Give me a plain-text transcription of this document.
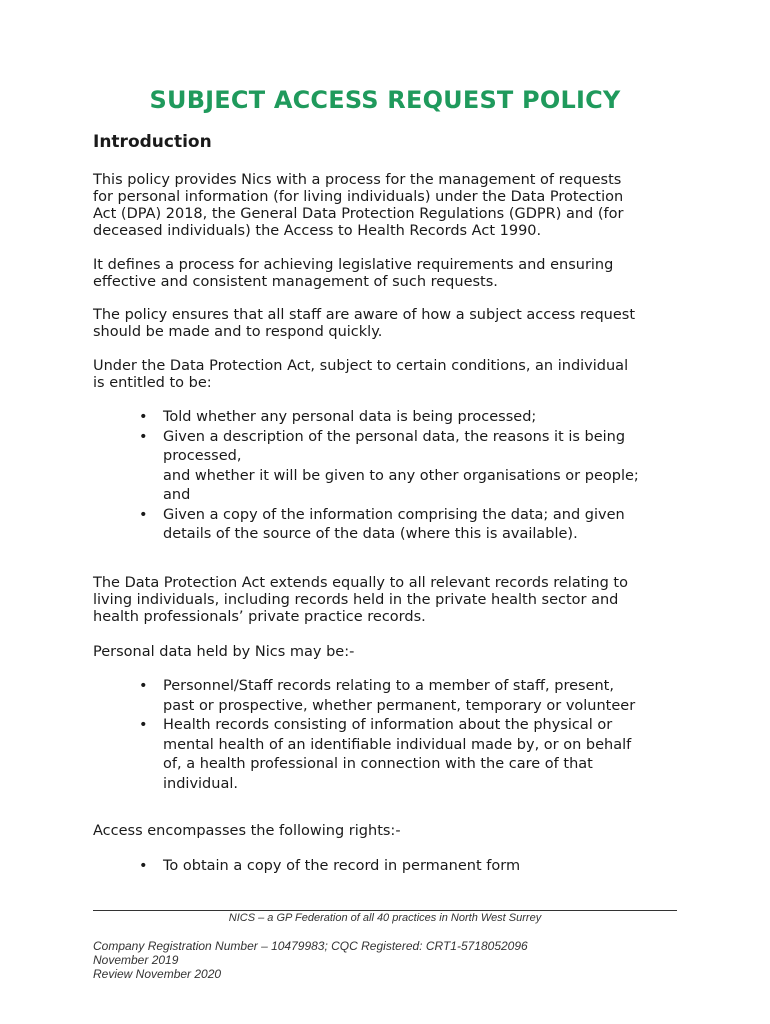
SUBJECT ACCESS REQUEST POLICY
Introduction
This policy provides Nics with a process for the management of requests
for personal information (for living individuals) under the Data Protection
Act (DPA) 2018, the General Data Protection Regulations (GDPR) and (for
deceased individuals) the Access to Health Records Act 1990.
It defines a process for achieving legislative requirements and ensuring
effective and consistent management of such requests.
The policy ensures that all staff are aware of how a subject access request
should be made and to respond quickly.
Under the Data Protection Act, subject to certain conditions, an individual
is entitled to be:
• Told whether any personal data is being processed;
• Given a description of the personal data, the reasons it is being
processed,
and whether it will be given to any other organisations or people;
and
• Given a copy of the information comprising the data; and given
details of the source of the data (where this is available).
The Data Protection Act extends equally to all relevant records relating to
living individuals, including records held in the private health sector and
health professionals’ private practice records.
Personal data held by Nics may be:-
• Personnel/Staff records relating to a member of staff, present,
past or prospective, whether permanent, temporary or volunteer
• Health records consisting of information about the physical or
mental health of an identifiable individual made by, or on behalf
of, a health professional in connection with the care of that
individual.
Access encompasses the following rights:-
• To obtain a copy of the record in permanent form
NICS – a GP Federation of all 40 practices in North West Surrey
Company Registration Number – 10479983; CQC Registered: CRT1-5718052096
November 2019
Review November 2020
